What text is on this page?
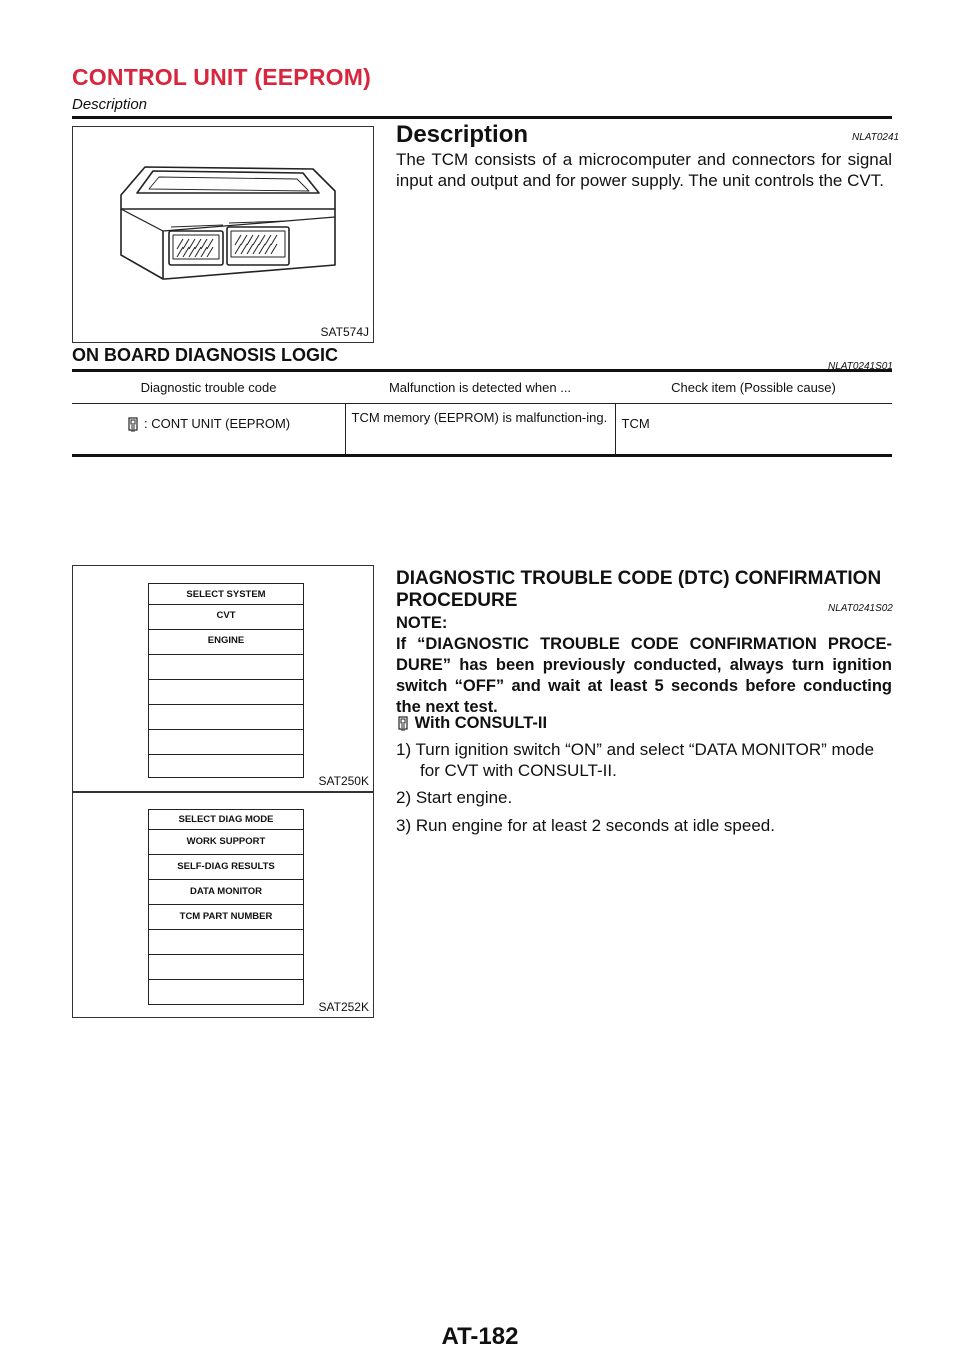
CONTROL UNIT (EEPROM)
Description
SAT574J
Description	NLAT0241
The TCM consists of a microcomputer and connectors for signal input and output and for power supply. The unit controls the CVT.
ON BOARD DIAGNOSIS LOGIC
NLAT0241S01
Diagnostic trouble code	Malfunction is detected when ...	Check item (Possible cause)
: CONT UNIT (EEPROM)	TCM memory (EEPROM) is malfunction-ing.	TCM
SELECT SYSTEM
CVT
ENGINE
SAT250K
SELECT DIAG MODE
WORK SUPPORT
SELF-DIAG RESULTS
DATA MONITOR
TCM PART NUMBER
SAT252K
DIAGNOSTIC TROUBLE CODE (DTC) CONFIRMATION
PROCEDURE	NLAT0241S02
NOTE:
If “DIAGNOSTIC TROUBLE CODE CONFIRMATION PROCE-DURE” has been previously conducted, always turn ignition switch “OFF” and wait at least 5 seconds before conducting the next test.
With CONSULT-II
1) Turn ignition switch “ON” and select “DATA MONITOR” mode
for CVT with CONSULT-II.
2) Start engine.
3) Run engine for at least 2 seconds at idle speed.
AT-182
